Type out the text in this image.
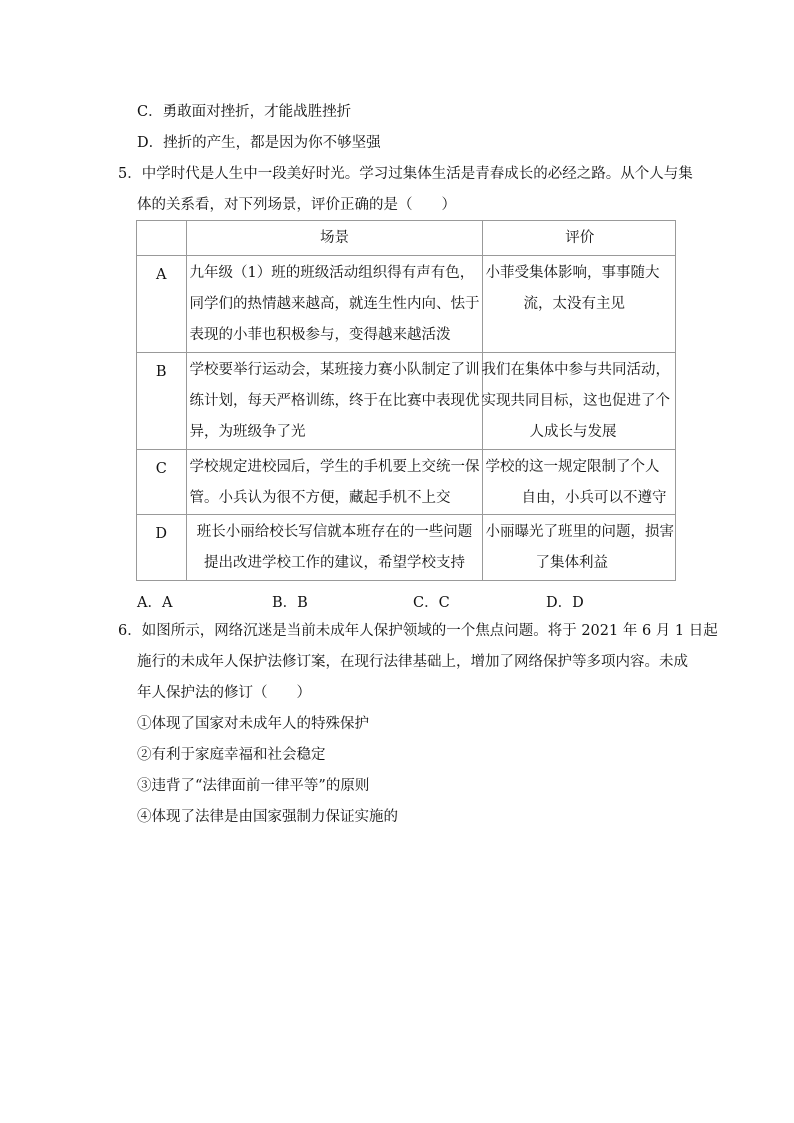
C．勇敢面对挫折，才能战胜挫折
D．挫折的产生，都是因为你不够坚强
5．中学时代是人生中一段美好时光。学习过集体生活是青春成长的必经之路。从个人与集
体的关系看，对下列场景，评价正确的是（　　）
	场景	评价
A	九年级（1）班的班级活动组织得有声有色，
同学们的热情越来越高，就连生性内向、怯于
表现的小菲也积极参与，变得越来越活泼	小菲受集体影响，事事随大
流，太没有主见

B	学校要举行运动会，某班接力赛小队制定了训
练计划，每天严格训练，终于在比赛中表现优
异，为班级争了光	我们在集体中参与共同活动，
实现共同目标，这也促进了个
人成长与发展

C	学校规定进校园后，学生的手机要上交统一保
管。小兵认为很不方便，藏起手机不上交	学校的这一规定限制了个人
自由，小兵可以不遵守

D	班长小丽给校长写信就本班存在的一些问题
提出改进学校工作的建议，希望学校支持	小丽曝光了班里的问题，损害
了集体利益
A．A	B．B	C．C	D．D
6．如图所示，网络沉迷是当前未成年人保护领域的一个焦点问题。将于 2021 年 6 月 1 日起
施行的未成年人保护法修订案，在现行法律基础上，增加了网络保护等多项内容。未成
年人保护法的修订（　　）
①体现了国家对未成年人的特殊保护
②有利于家庭幸福和社会稳定
③违背了“法律面前一律平等”的原则
④体现了法律是由国家强制力保证实施的
